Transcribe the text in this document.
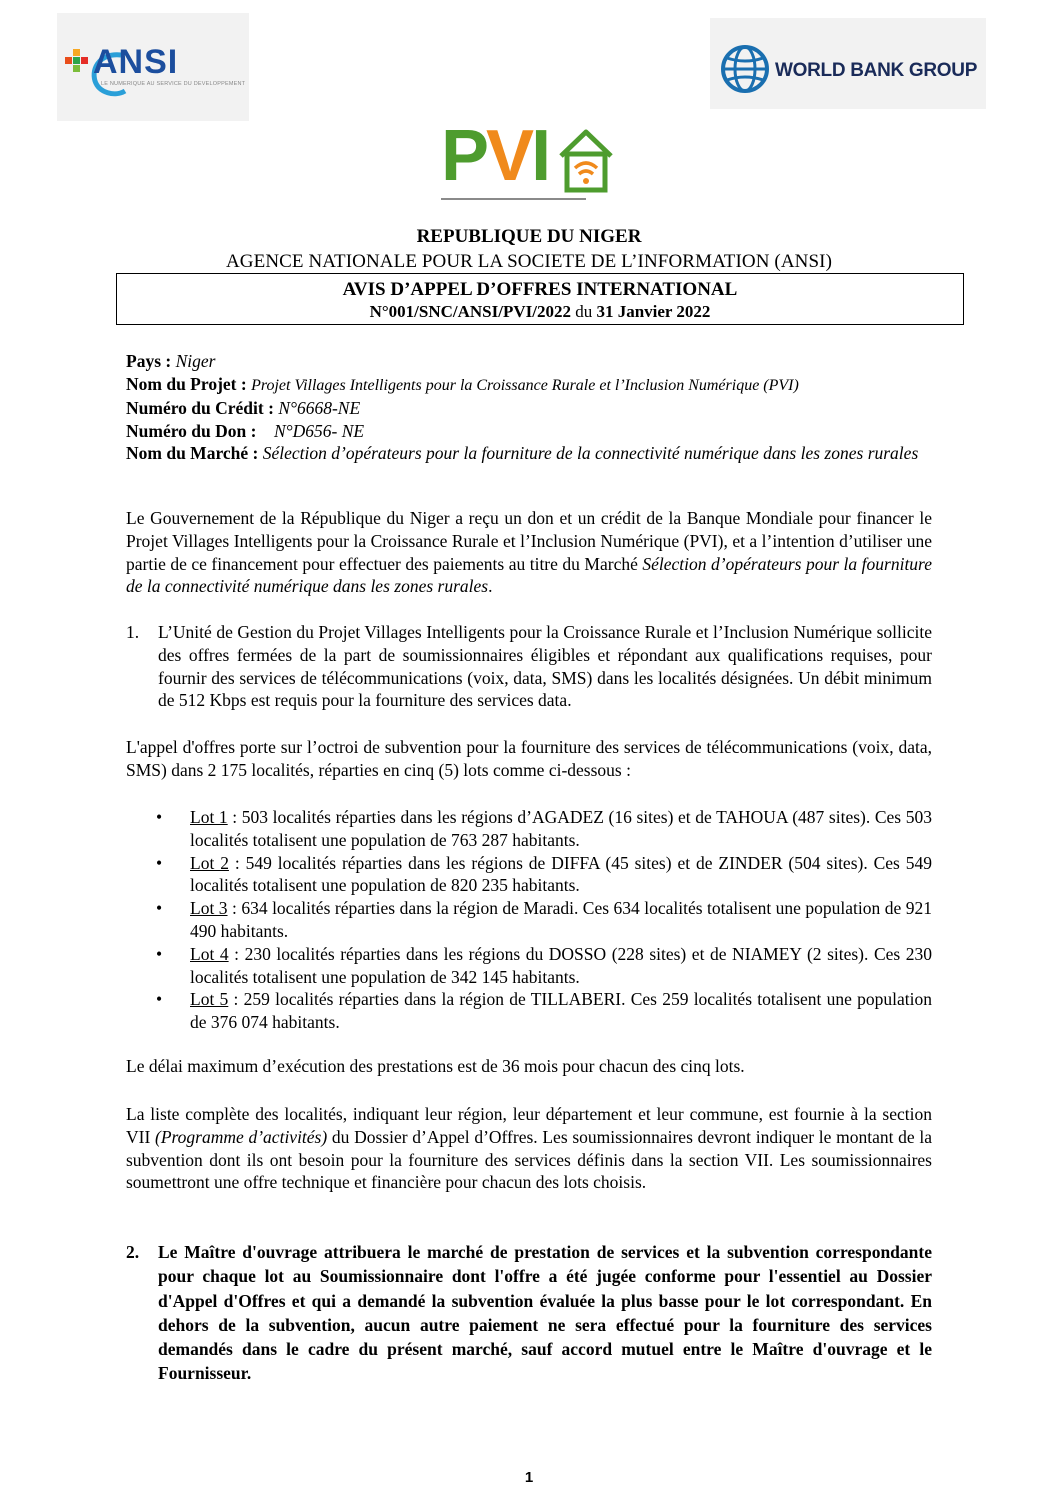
ANSI
LE NUMERIQUE AU SERVICE DU DEVELOPPEMENT
WORLD BANK GROUP
PVI
REPUBLIQUE DU NIGER
AGENCE NATIONALE POUR LA SOCIETE DE L’INFORMATION (ANSI)
AVIS D’APPEL D’OFFRES INTERNATIONAL
N°001/SNC/ANSI/PVI/2022 du 31 Janvier 2022
Pays : Niger
Nom du Projet : Projet Villages Intelligents pour la Croissance Rurale et l’Inclusion Numérique (PVI)
Numéro du Crédit : N°6668-NE
Numéro du Don :    N°D656- NE
Nom du Marché : Sélection d’opérateurs pour la fourniture de la connectivité numérique dans les zones rurales
Le Gouvernement de la République du Niger a reçu un don et un crédit de la Banque Mondiale pour financer le Projet Villages Intelligents pour la Croissance Rurale et l’Inclusion Numérique (PVI), et a l’intention d’utiliser une partie de ce financement pour effectuer des paiements au titre du Marché Sélection d’opérateurs pour la fourniture de la connectivité numérique dans les zones rurales.
1. L’Unité de Gestion du Projet Villages Intelligents pour la Croissance Rurale et l’Inclusion Numérique sollicite des offres fermées de la part de soumissionnaires éligibles et répondant aux qualifications requises, pour fournir des services de télécommunications (voix, data, SMS) dans les localités désignées. Un débit minimum de 512 Kbps est requis pour la fourniture des services data.
L'appel d'offres porte sur l’octroi de subvention pour la fourniture des services de télécommunications (voix, data, SMS) dans 2 175 localités, réparties en cinq (5) lots comme ci-dessous :
• Lot 1 : 503 localités réparties dans les régions d’AGADEZ (16 sites) et de TAHOUA (487 sites). Ces 503 localités totalisent une population de 763 287 habitants.
• Lot 2 : 549 localités réparties dans les régions de DIFFA (45 sites) et de ZINDER (504 sites). Ces 549 localités totalisent une population de 820 235 habitants.
• Lot 3 : 634 localités réparties dans la région de Maradi. Ces 634 localités totalisent une population de 921 490 habitants.
• Lot 4 : 230 localités réparties dans les régions du DOSSO (228 sites) et de NIAMEY (2 sites). Ces 230 localités totalisent une population de 342 145 habitants.
• Lot 5 : 259 localités réparties dans la région de TILLABERI. Ces 259 localités totalisent une population de 376 074 habitants.
Le délai maximum d’exécution des prestations est de 36 mois pour chacun des cinq lots.
La liste complète des localités, indiquant leur région, leur département et leur commune, est fournie à la section VII (Programme d’activités) du Dossier d’Appel d’Offres. Les soumissionnaires devront indiquer le montant de la subvention dont ils ont besoin pour la fourniture des services définis dans la section VII. Les soumissionnaires soumettront une offre technique et financière pour chacun des lots choisis.
2. Le Maître d'ouvrage attribuera le marché de prestation de services et la subvention correspondante pour chaque lot au Soumissionnaire dont l'offre a été jugée conforme pour l'essentiel au Dossier d'Appel d'Offres et qui a demandé la subvention évaluée la plus basse pour le lot correspondant. En dehors de la subvention, aucun autre paiement ne sera effectué pour la fourniture des services demandés dans le cadre du présent marché, sauf accord mutuel entre le Maître d'ouvrage et le Fournisseur.
1
